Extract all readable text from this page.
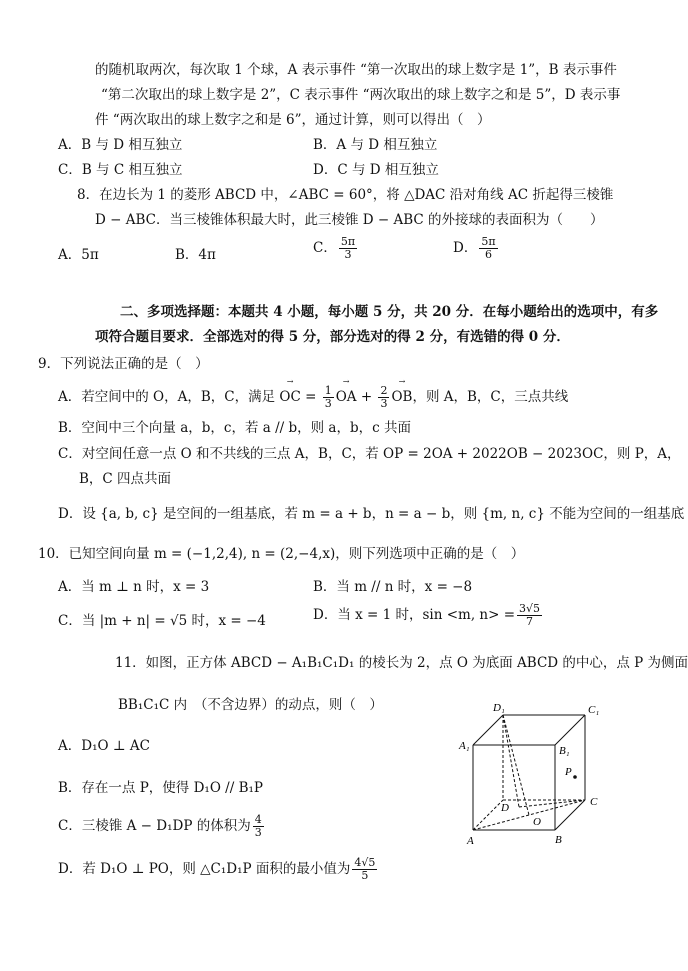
的随机取两次，每次取 1 个球，A 表示事件 “第一次取出的球上数字是 1”，B 表示事件
“第二次取出的球上数字是 2”，C 表示事件 “两次取出的球上数字之和是 5”，D 表示事
件 “两次取出的球上数字之和是 6”，通过计算，则可以得出（　）
A．B 与 D 相互独立	B．A 与 D 相互独立
C．B 与 C 相互独立	D．C 与 D 相互独立
8．在边长为 1 的菱形 ABCD 中，∠ABC = 60°，将 △DAC 沿对角线 AC 折起得三棱锥
D − ABC．当三棱锥体积最大时，此三棱锥 D − ABC 的外接球的表面积为（　　）
A．5π	B．4π	C． $\frac{5\pi}{3}$	D． $\frac{5\pi}{6}$
二、多项选择题：本题共 4 小题，每小题 5 分，共 20 分．在每小题给出的选项中，有多
项符合题目要求．全部选对的得 5 分，部分选对的得 2 分，有选错的得 0 分．
9．下列说法正确的是（　）
A．若空间中的 O，A，B，C，满足 → OC = $\frac{1}{3}$ → OA + $\frac{2}{3}$ → OB，则 A，B，C，三点共线
B．空间中三个向量 a，b，c，若 a // b，则 a，b，c 共面
C．对空间任意一点 O 和不共线的三点 A，B，C，若 OP = 2OA + 2022OB − 2023OC，则 P，A，
B，C 四点共面
D．设 {a, b, c} 是空间的一组基底，若 m = a + b，n = a − b，则 {m, n, c} 不能为空间的一组基底
10．已知空间向量 m = (−1,2,4), n = (2,−4,x)，则下列选项中正确的是（　）
A．当 m ⊥ n 时，x = 3	B．当 m // n 时，x = −8
C．当 |m + n| = √5 时，x = −4	D．当 x = 1 时，sin <m, $n> = \frac{3√5}{7}$
11．如图，正方体 ABCD − A₁B₁C₁D₁ 的棱长为 2，点 O 为底面 ABCD 的中心，点 P 为侧面
BB₁C₁C 内　（不含边界）的动点，则（　）
A．D₁O ⊥ AC
B．存在一点 P，使得 D₁O // B₁P
C．三棱锥 A − D₁DP 的体积为 $\frac{4}{3}$
D．若 D₁O ⊥ PO，则 △C₁D₁P 面积的最小值为 $\frac{4√5}{5}$
D₁	C₁
A₁	B₁
P
D	C
O
A	B
